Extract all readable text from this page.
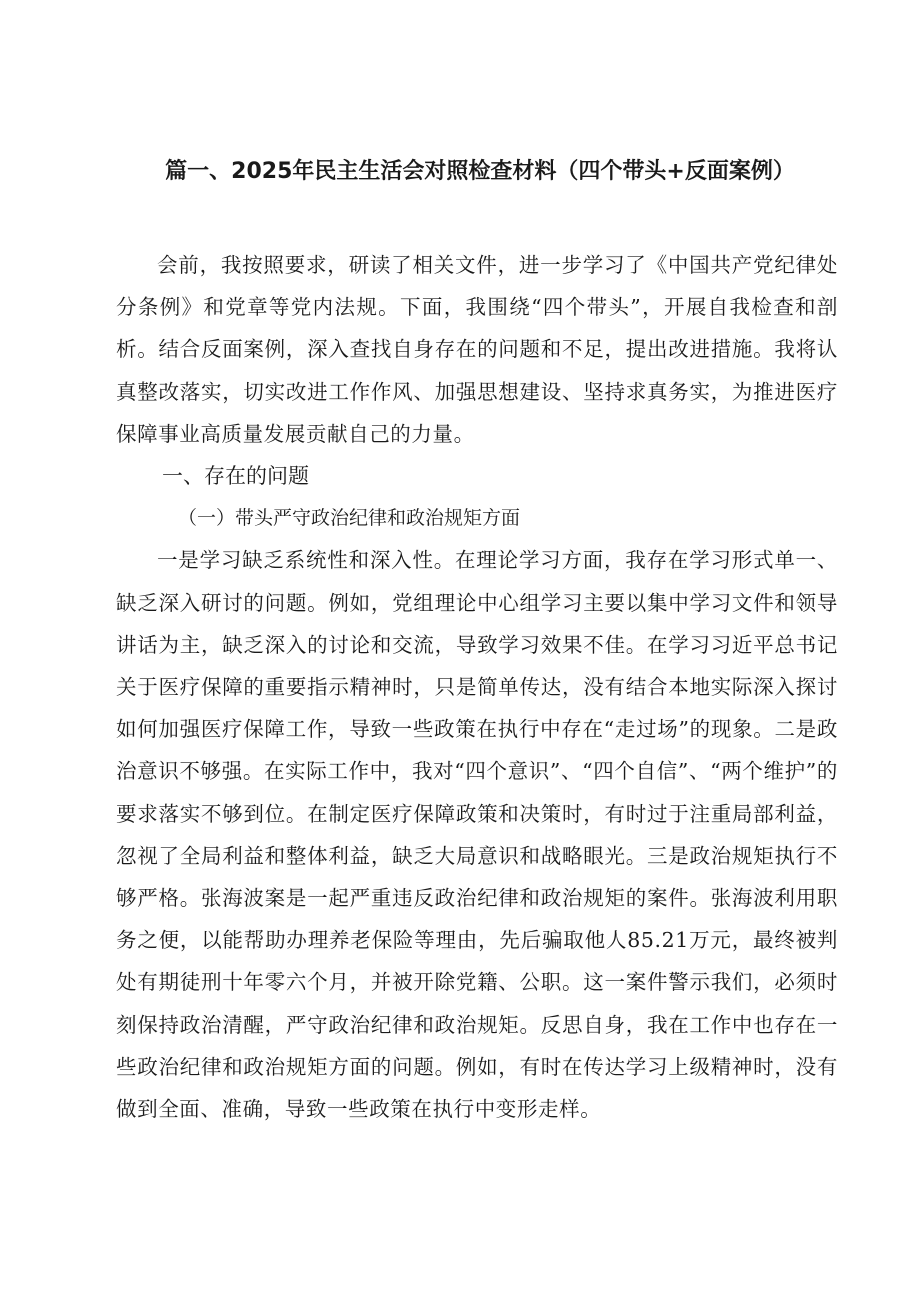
篇一、2025年民主生活会对照检查材料（四个带头+反面案例）

会前，我按照要求，研读了相关文件，进一步学习了《中国共产党纪律处分条例》和党章等党内法规。下面，我围绕“四个带头”，开展自我检查和剖析。结合反面案例，深入查找自身存在的问题和不足，提出改进措施。我将认真整改落实，切实改进工作作风、加强思想建设、坚持求真务实，为推进医疗保障事业高质量发展贡献自己的力量。

一、存在的问题

（一）带头严守政治纪律和政治规矩方面

一是学习缺乏系统性和深入性。在理论学习方面，我存在学习形式单一、缺乏深入研讨的问题。例如，党组理论中心组学习主要以集中学习文件和领导讲话为主，缺乏深入的讨论和交流，导致学习效果不佳。在学习习近平总书记关于医疗保障的重要指示精神时，只是简单传达，没有结合本地实际深入探讨如何加强医疗保障工作，导致一些政策在执行中存在“走过场”的现象。二是政治意识不够强。在实际工作中，我对“四个意识”、“四个自信”、“两个维护”的要求落实不够到位。在制定医疗保障政策和决策时，有时过于注重局部利益，忽视了全局利益和整体利益，缺乏大局意识和战略眼光。三是政治规矩执行不够严格。张海波案是一起严重违反政治纪律和政治规矩的案件。张海波利用职务之便，以能帮助办理养老保险等理由，先后骗取他人85.21万元，最终被判处有期徒刑十年零六个月，并被开除党籍、公职。这一案件警示我们，必须时刻保持政治清醒，严守政治纪律和政治规矩。反思自身，我在工作中也存在一些政治纪律和政治规矩方面的问题。例如，有时在传达学习上级精神时，没有做到全面、准确，导致一些政策在执行中变形走样。
